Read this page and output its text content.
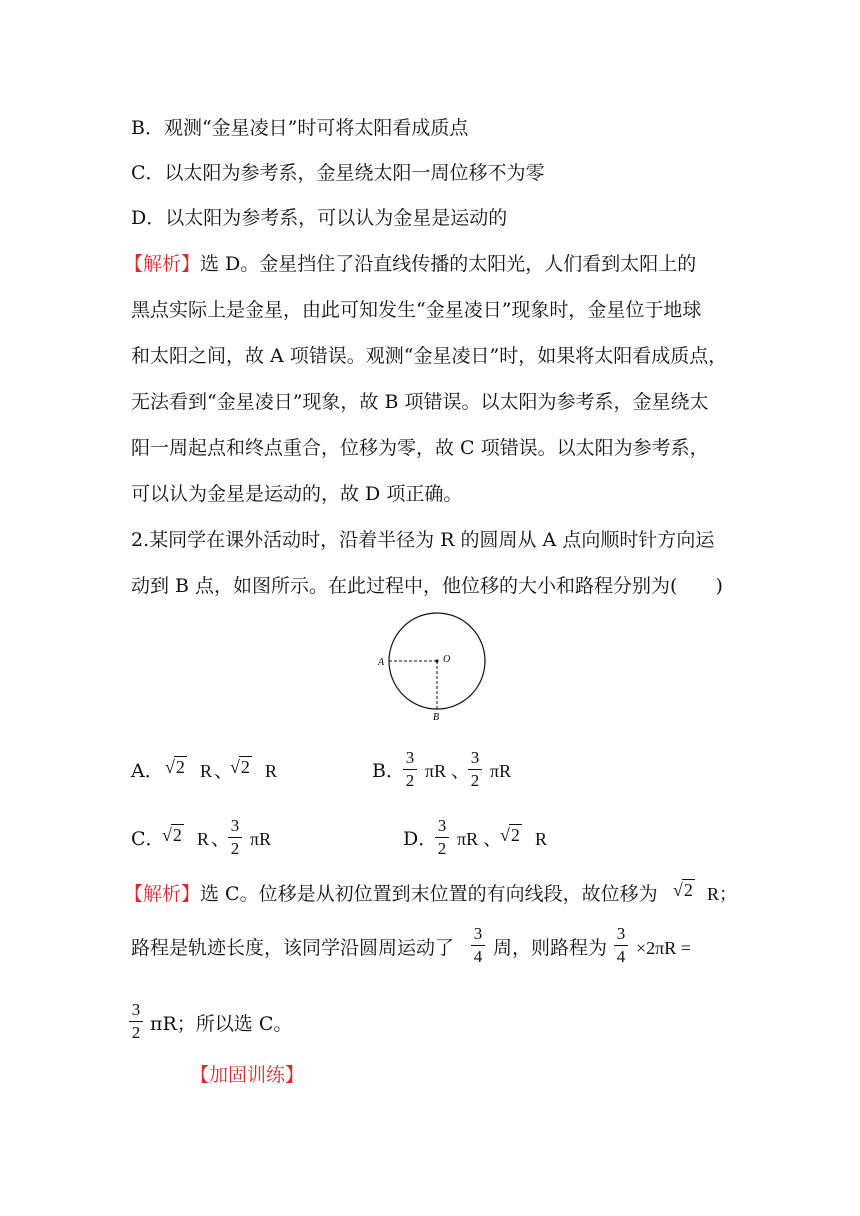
B．观测“金星凌日”时可将太阳看成质点
C．以太阳为参考系，金星绕太阳一周位移不为零
D．以太阳为参考系，可以认为金星是运动的
【解析】选 D。金星挡住了沿直线传播的太阳光，人们看到太阳上的
黑点实际上是金星，由此可知发生“金星凌日”现象时，金星位于地球
和太阳之间，故 A 项错误。观测“金星凌日”时，如果将太阳看成质点，
无法看到“金星凌日”现象，故 B 项错误。以太阳为参考系，金星绕太
阳一周起点和终点重合，位移为零，故 C 项错误。以太阳为参考系，
可以认为金星是运动的，故 D 项正确。
2.某同学在课外活动时，沿着半径为 R 的圆周从 A 点向顺时针方向运
动到 B 点，如图所示。在此过程中，他位移的大小和路程分别为(　　)
A	O
B
A． √2 R 、
√2 R	B．
3
2 πR 、
3
2 πR
C．
√2 R 、
3
2 πR	D．
3
2 πR 、
√2 R
【解析】选 C。位移是从初位置到末位置的有向线段，故位移为 √2 R；
路程是轨迹长度，该同学沿圆周运动了
3
4 周，则路程为
3
4 ×2πR =
3
2 πR；所以选 C。
【加固训练】
